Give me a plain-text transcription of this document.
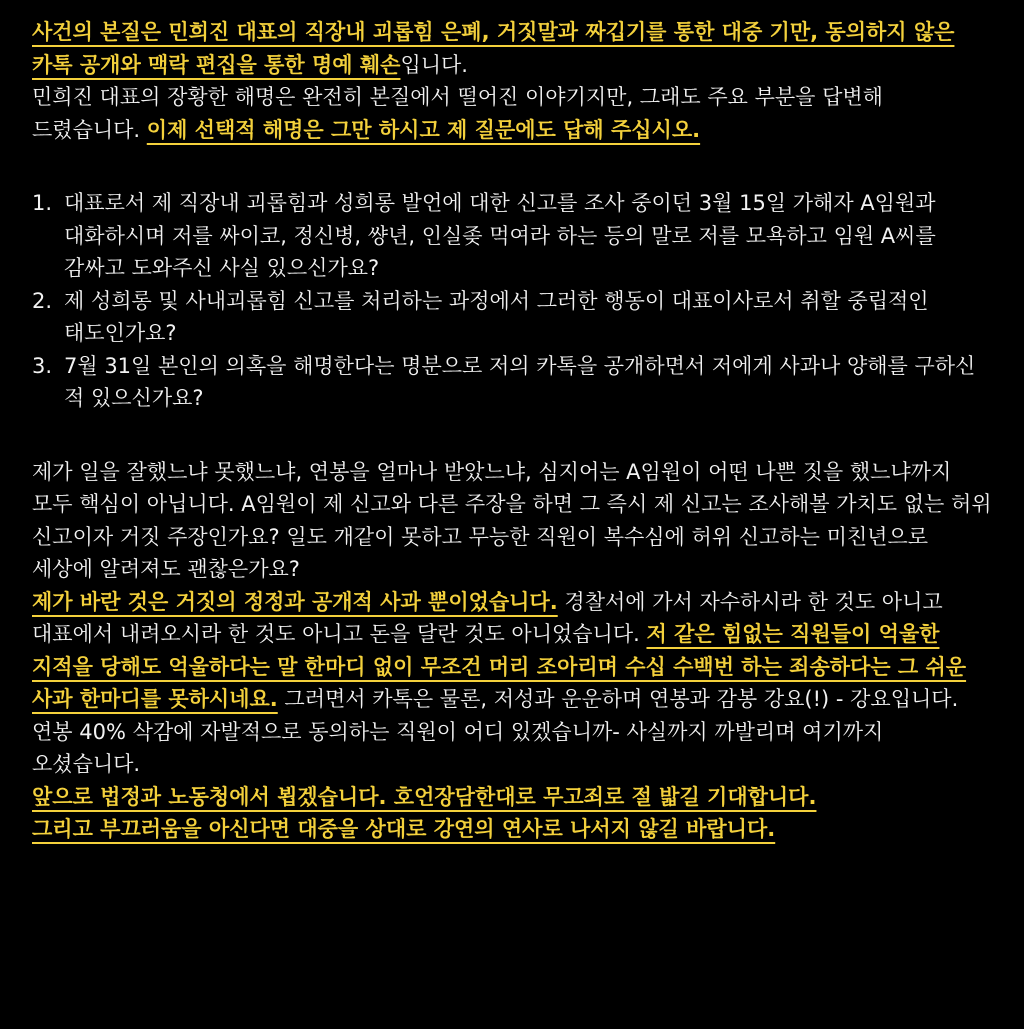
사건의 본질은 민희진 대표의 직장내 괴롭힘 은폐, 거짓말과 짜깁기를 통한 대중 기만, 동의하지 않은 카톡 공개와 맥락 편집을 통한 명예 훼손입니다.

민희진 대표의 장황한 해명은 완전히 본질에서 떨어진 이야기지만, 그래도 주요 부분을 답변해 드렸습니다. 이제 선택적 해명은 그만 하시고 제 질문에도 답해 주십시오.

1. 대표로서 제 직장내 괴롭힘과 성희롱 발언에 대한 신고를 조사 중이던 3월 15일 가해자 A임원과 대화하시며 저를 싸이코, 정신병, 썅년, 인실좆 먹여라 하는 등의 말로 저를 모욕하고 임원 A씨를 감싸고 도와주신 사실 있으신가요?
2. 제 성희롱 및 사내괴롭힘 신고를 처리하는 과정에서 그러한 행동이 대표이사로서 취할 중립적인 태도인가요?
3. 7월 31일 본인의 의혹을 해명한다는 명분으로 저의 카톡을 공개하면서 저에게 사과나 양해를 구하신 적 있으신가요?

제가 일을 잘했느냐 못했느냐, 연봉을 얼마나 받았느냐, 심지어는 A임원이 어떤 나쁜 짓을 했느냐까지 모두 핵심이 아닙니다. A임원이 제 신고와 다른 주장을 하면 그 즉시 제 신고는 조사해볼 가치도 없는 허위 신고이자 거짓 주장인가요? 일도 개같이 못하고 무능한 직원이 복수심에 허위 신고하는 미친년으로 세상에 알려져도 괜찮은가요?

제가 바란 것은 거짓의 정정과 공개적 사과 뿐이었습니다. 경찰서에 가서 자수하시라 한 것도 아니고 대표에서 내려오시라 한 것도 아니고 돈을 달란 것도 아니었습니다. 저 같은 힘없는 직원들이 억울한 지적을 당해도 억울하다는 말 한마디 없이 무조건 머리 조아리며 수십 수백번 하는 죄송하다는 그 쉬운 사과 한마디를 못하시네요. 그러면서 카톡은 물론, 저성과 운운하며 연봉과 감봉 강요(!) - 강요입니다. 연봉 40% 삭감에 자발적으로 동의하는 직원이 어디 있겠습니까- 사실까지 까발리며 여기까지 오셨습니다.

앞으로 법정과 노동청에서 뵙겠습니다. 호언장담한대로 무고죄로 절 밟길 기대합니다.

그리고 부끄러움을 아신다면 대중을 상대로 강연의 연사로 나서지 않길 바랍니다.
